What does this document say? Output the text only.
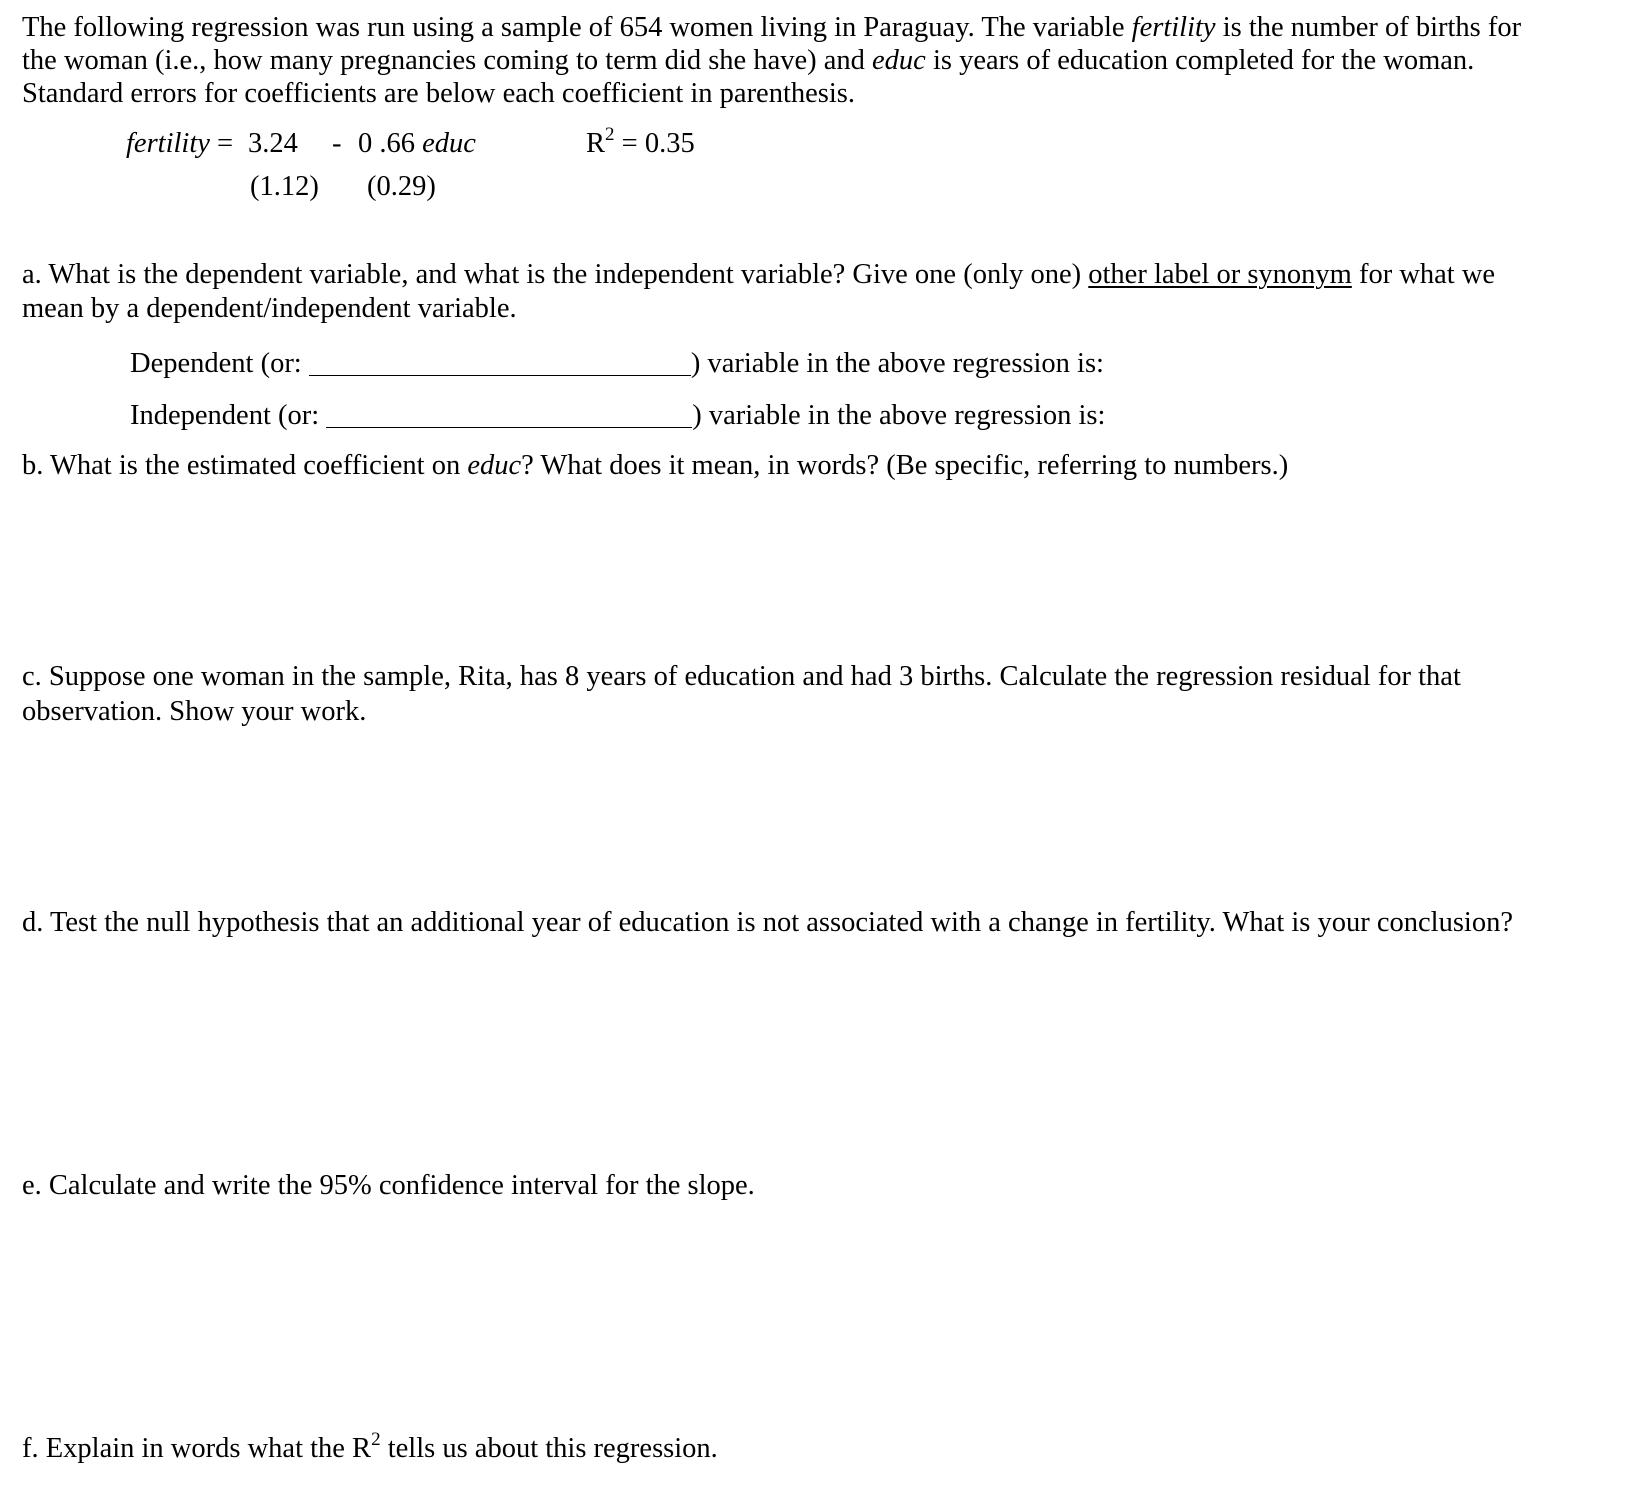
The following regression was run using a sample of 654 women living in Paraguay. The variable fertility is the number of births for
the woman (i.e., how many pregnancies coming to term did she have) and educ is years of education completed for the woman.
Standard errors for coefficients are below each coefficient in parenthesis.
fertility = 3.24 - 0 .66 educ	$R^2 = 0.35$
(1.12) (0.29)
a. What is the dependent variable, and what is the independent variable? Give one (only one) other label or synonym for what we
mean by a dependent/independent variable.
Dependent (or:	) variable in the above regression is:
Independent (or:	) variable in the above regression is:
b. What is the estimated coefficient on educ? What does it mean, in words? (Be specific, referring to numbers.)
c. Suppose one woman in the sample, Rita, has 8 years of education and had 3 births. Calculate the regression residual for that
observation. Show your work.
d. Test the null hypothesis that an additional year of education is not associated with a change in fertility. What is your conclusion?
e. Calculate and write the 95% confidence interval for the slope.
f. Explain in words what the $R^2$ tells us about this regression.
